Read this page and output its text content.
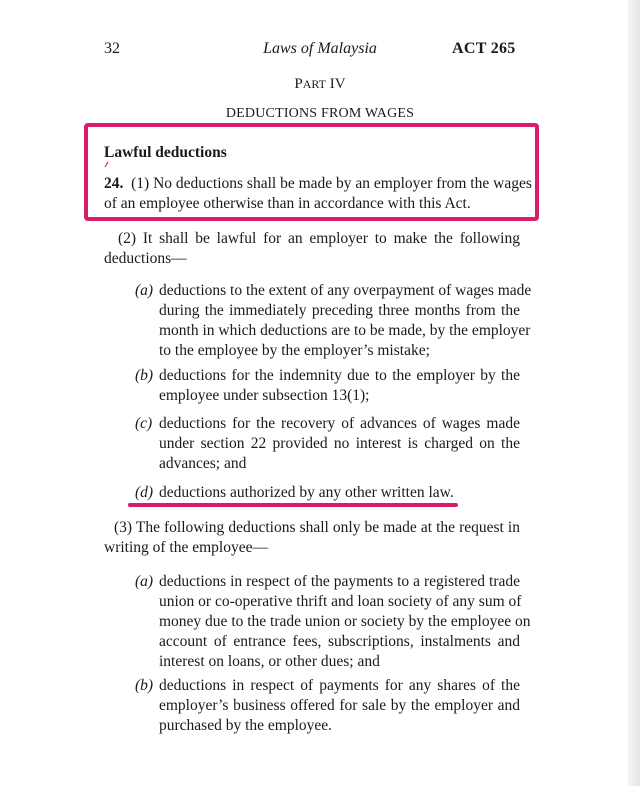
32	Laws of Malaysia	ACT 265
PART IV
DEDUCTIONS FROM WAGES
Lawful deductions
24. (1) No deductions shall be made by an employer from the wages
of an employee otherwise than in accordance with this Act.
(2) It shall be lawful for an employer to make the following
deductions—
(a) deductions to the extent of any overpayment of wages made
during the immediately preceding three months from the
month in which deductions are to be made, by the employer
to the employee by the employer’s mistake;
(b) deductions for the indemnity due to the employer by the
employee under subsection 13(1);
(c) deductions for the recovery of advances of wages made
under section 22 provided no interest is charged on the
advances; and
(d) deductions authorized by any other written law.
(3) The following deductions shall only be made at the request in
writing of the employee—
(a) deductions in respect of the payments to a registered trade
union or co-operative thrift and loan society of any sum of
money due to the trade union or society by the employee on
account of entrance fees, subscriptions, instalments and
interest on loans, or other dues; and
(b) deductions in respect of payments for any shares of the
employer’s business offered for sale by the employer and
purchased by the employee.
